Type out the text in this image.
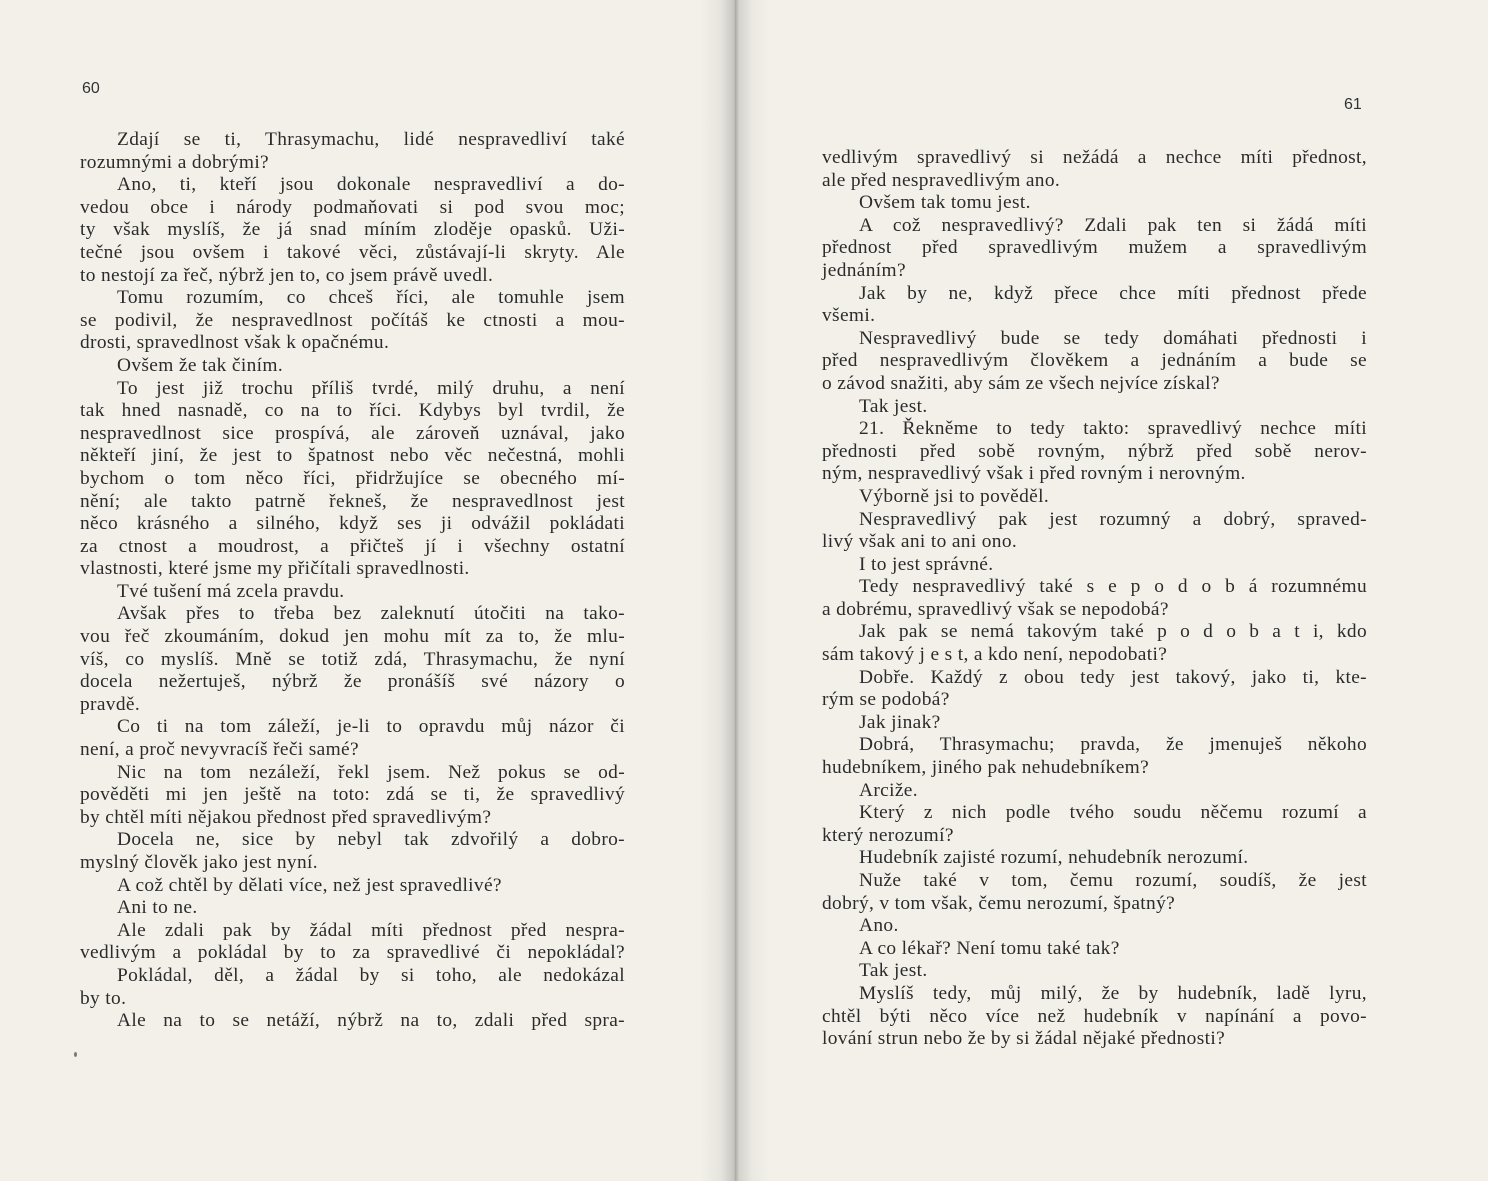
60
Zdají se ti, Thrasymachu, lidé nespravedliví také
rozumnými a dobrými?
Ano, ti, kteří jsou dokonale nespravedliví a do-
vedou obce i národy podmaňovati si pod svou moc;
ty však myslíš, že já snad míním zloděje opasků. Uži-
tečné jsou ovšem i takové věci, zůstávají-li skryty. Ale
to nestojí za řeč, nýbrž jen to, co jsem právě uvedl.
Tomu rozumím, co chceš říci, ale tomuhle jsem
se podivil, že nespravedlnost počítáš ke ctnosti a mou-
drosti, spravedlnost však k opačnému.
Ovšem že tak činím.
To jest již trochu příliš tvrdé, milý druhu, a není
tak hned nasnadě, co na to říci. Kdybys byl tvrdil, že
nespravedlnost sice prospívá, ale zároveň uznával, jako
někteří jiní, že jest to špatnost nebo věc nečestná, mohli
bychom o tom něco říci, přidržujíce se obecného mí-
nění; ale takto patrně řekneš, že nespravedlnost jest
něco krásného a silného, když ses ji odvážil pokládati
za ctnost a moudrost, a přičteš jí i všechny ostatní
vlastnosti, které jsme my přičítali spravedlnosti.
Tvé tušení má zcela pravdu.
Avšak přes to třeba bez zaleknutí útočiti na tako-
vou řeč zkoumáním, dokud jen mohu mít za to, že mlu-
víš, co myslíš. Mně se totiž zdá, Thrasymachu, že nyní
docela nežertuješ, nýbrž že pronášíš své názory o
pravdě.
Co ti na tom záleží, je-li to opravdu můj názor či
není, a proč nevyvracíš řeči samé?
Nic na tom nezáleží, řekl jsem. Než pokus se od-
pověděti mi jen ještě na toto: zdá se ti, že spravedlivý
by chtěl míti nějakou přednost před spravedlivým?
Docela ne, sice by nebyl tak zdvořilý a dobro-
myslný člověk jako jest nyní.
A což chtěl by dělati více, než jest spravedlivé?
Ani to ne.
Ale zdali pak by žádal míti přednost před nespra-
vedlivým a pokládal by to za spravedlivé či nepokládal?
Pokládal, děl, a žádal by si toho, ale nedokázal
by to.
Ale na to se netáží, nýbrž na to, zdali před spra-
61
vedlivým spravedlivý si nežádá a nechce míti přednost,
ale před nespravedlivým ano.
Ovšem tak tomu jest.
A což nespravedlivý? Zdali pak ten si žádá míti
přednost před spravedlivým mužem a spravedlivým
jednáním?
Jak by ne, když přece chce míti přednost přede
všemi.
Nespravedlivý bude se tedy domáhati přednosti i
před nespravedlivým člověkem a jednáním a bude se
o závod snažiti, aby sám ze všech nejvíce získal?
Tak jest.
21. Řekněme to tedy takto: spravedlivý nechce míti
přednosti před sobě rovným, nýbrž před sobě nerov-
ným, nespravedlivý však i před rovným i nerovným.
Výborně jsi to pověděl.
Nespravedlivý pak jest rozumný a dobrý, spraved-
livý však ani to ani ono.
I to jest správné.
Tedy nespravedlivý také s e p o d o b á rozumnému
a dobrému, spravedlivý však se nepodobá?
Jak pak se nemá takovým také p o d o b a t i, kdo
sám takový j e s t, a kdo není, nepodobati?
Dobře. Každý z obou tedy jest takový, jako ti, kte-
rým se podobá?
Jak jinak?
Dobrá, Thrasymachu; pravda, že jmenuješ někoho
hudebníkem, jiného pak nehudebníkem?
Arciže.
Který z nich podle tvého soudu něčemu rozumí a
který nerozumí?
Hudebník zajisté rozumí, nehudebník nerozumí.
Nuže také v tom, čemu rozumí, soudíš, že jest
dobrý, v tom však, čemu nerozumí, špatný?
Ano.
A co lékař? Není tomu také tak?
Tak jest.
Myslíš tedy, můj milý, že by hudebník, ladě lyru,
chtěl býti něco více než hudebník v napínání a povo-
lování strun nebo že by si žádal nějaké přednosti?
